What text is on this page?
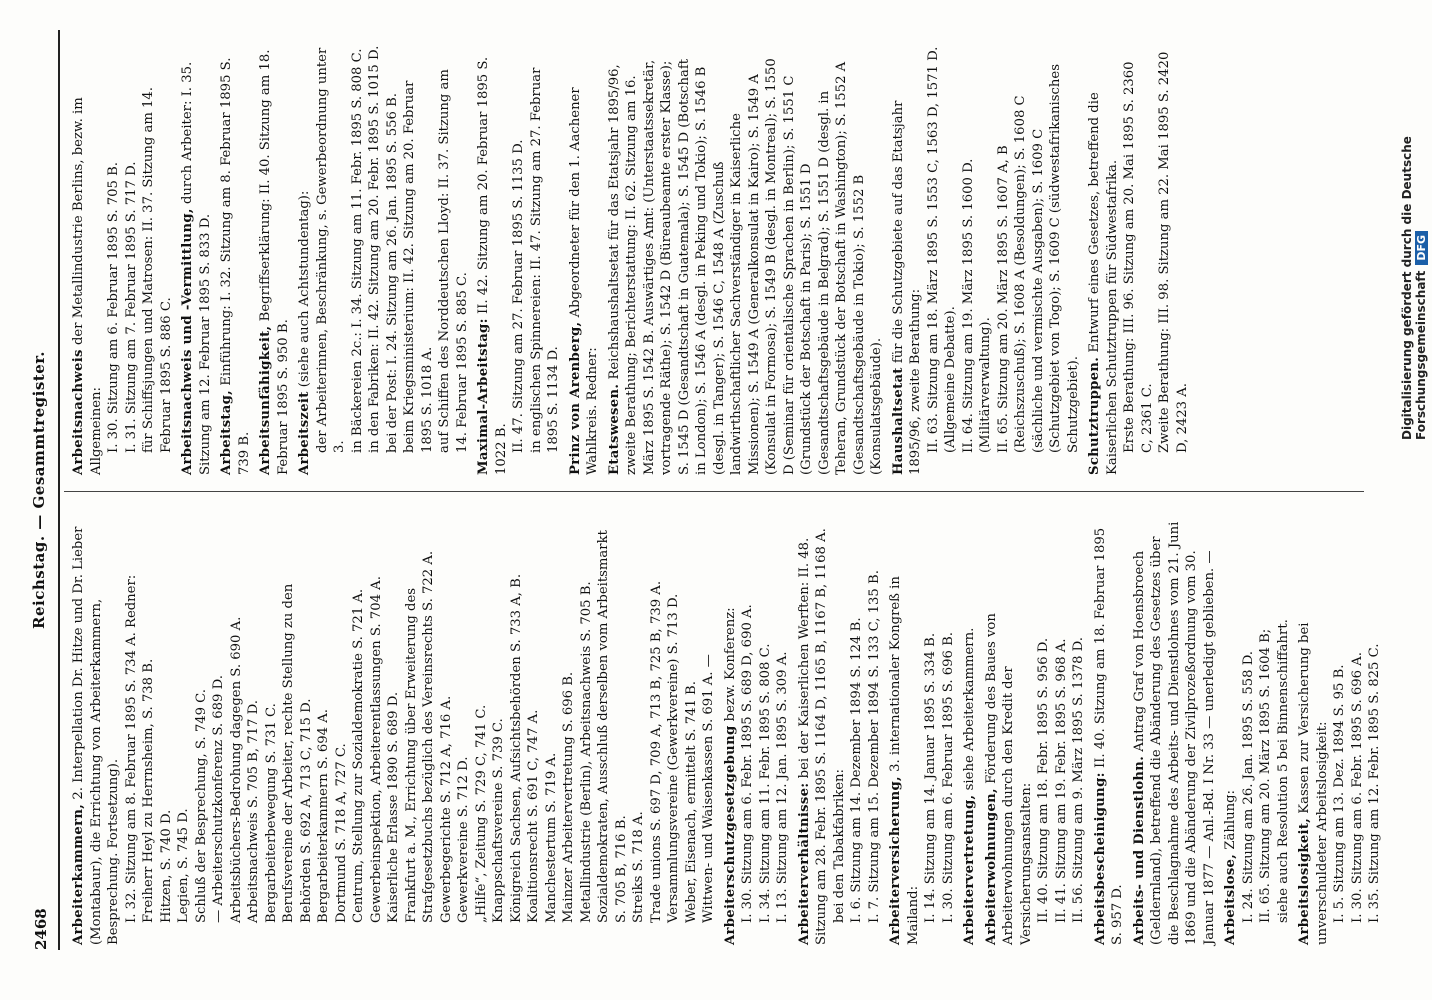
2468
Reichstag. — Gesammtregister.
Arbeiterkammern, 2. Interpellation Dr. Hitze und Dr. Lieber (Montabaur), die Errichtung von Arbeiterkammern, Besprechung. Fortsetzung). I. 32. Sitzung am 8. Februar 1895 S. 734 A. Redner: Freiherr Heyl zu Herrnsheim, S. 738 B. Hitzen, S. 740 D. Legien, S. 745 D. Schluß der Besprechung, S. 749 C. — Arbeiterschutzkonferenz S. 689 D. Arbeitsbüchers-Bedrohung dagegen S. 690 A. Arbeitsnachweis S. 705 B, 717 D. Bergarbeiterbewegung S. 731 C. Berufsvereine der Arbeiter, rechte Stellung zu den Behörden S. 692 A, 713 C, 715 D. Bergarbeiterkammern S. 694 A. Dortmund S. 718 A, 727 C. Centrum, Stellung zur Sozialdemokratie S. 721 A. Gewerbeinspektion, Arbeiterentlassungen S. 704 A. Kaiserliche Erlasse 1890 S. 689 D. Frankfurt a. M., Errichtung über Erweiterung des Strafgesetzbuchs bezüglich des Vereinsrechts S. 722 A. Gewerbegerichte S. 712 A, 716 A. Gewerkvereine S. 712 D. „Hilfe“, Zeitung S. 729 C, 741 C. Knappschaftsvereine S. 739 C. Königreich Sachsen, Aufsichtsbehörden S. 733 A, B. Koalitionsrecht S. 691 C, 747 A. Manchestertum S. 719 A. Mainzer Arbeitervertretung S. 696 B. Metallindustrie (Berlin), Arbeitsnachweis S. 705 B. Sozialdemokraten, Ausschluß derselben vom Arbeitsmarkt S. 705 B, 716 B. Streiks S. 718 A. Trade unions S. 697 D, 709 A, 713 B, 725 B, 739 A. Versammlungsvereine (Gewerkvereine) S. 713 D. Weber, Eisenach, ermittelt S. 741 B. Wittwen- und Waisenkassen S. 691 A. — Arbeiterschutzgesetzgebung bezw. Konferenz: I. 30. Sitzung am 6. Febr. 1895 S. 689 D, 690 A. I. 34. Sitzung am 11. Febr. 1895 S. 808 C. I. 13. Sitzung am 12. Jan. 1895 S. 309 A. Arbeiterverhältnisse: bei der Kaiserlichen Werften: II. 48. Sitzung am 28. Febr. 1895 S. 1164 D, 1165 B, 1167 B, 1168 A. bei den Tabakfabriken: I. 6. Sitzung am 14. Dezember 1894 S. 124 B. I. 7. Sitzung am 15. Dezember 1894 S. 133 C, 135 B. Arbeiterversicherung, 3. internationaler Kongreß in Mailand: I. 14. Sitzung am 14. Januar 1895 S. 334 B. I. 30. Sitzung am 6. Februar 1895 S. 696 B. Arbeitervertretung, siehe Arbeiterkammern.
Arbeiterwohnungen, Förderung des Baues von Arbeiterwohnungen durch den Kredit der Versicherungsanstalten: II. 40. Sitzung am 18. Febr. 1895 S. 956 D. II. 41. Sitzung am 19. Febr. 1895 S. 968 A. II. 56. Sitzung am 9. März 1895 S. 1378 D. Arbeitsbescheinigung: II. 40. Sitzung am 18. Februar 1895 S. 957 D. Arbeits- und Dienstlohn. Antrag Graf von Hoensbroech (Geldernland), betreffend die Abänderung des Gesetzes über die Beschlagnahme des Arbeits- und Dienstlohnes vom 21. Juni 1869 und die Abänderung der Zivilprozeßordnung vom 30. Januar 1877 — Anl.-Bd. I Nr. 33 — unerledigt geblieben. — Arbeitslose, Zählung: I. 24. Sitzung am 26. Jan. 1895 S. 558 D. II. 65. Sitzung am 20. März 1895 S. 1604 B; siehe auch Resolution 5 bei Binnenschiffahrt. Arbeitslosigkeit, Kassen zur Versicherung bei unverschuldeter Arbeitslosigkeit: I. 5. Sitzung am 13. Dez. 1894 S. 95 B. I. 30. Sitzung am 6. Febr. 1895 S. 696 A. I. 35. Sitzung am 12. Febr. 1895 S. 825 C.
Arbeitsnachweis der Metallindustrie Berlins, bezw. im Allgemeinen: I. 30. Sitzung am 6. Februar 1895 S. 705 B. I. 31. Sitzung am 7. Februar 1895 S. 717 D. für Schiffsjungen und Matrosen: II. 37. Sitzung am 14. Februar 1895 S. 886 C. Arbeitsnachweis und -Vermittlung, durch Arbeiter: I. 35. Sitzung am 12. Februar 1895 S. 833 D. Arbeitstag, Einführung: I. 32. Sitzung am 8. Februar 1895 S. 739 B. Arbeitsunfähigkeit, Begriffserklärung: II. 40. Sitzung am 18. Februar 1895 S. 950 B. Arbeitszeit (siehe auch Achtstundentag): der Arbeiterinnen, Beschränkung, s. Gewerbeordnung unter 3. in Bäckereien 2c.: I. 34. Sitzung am 11. Febr. 1895 S. 808 C. in den Fabriken: II. 42. Sitzung am 20. Febr. 1895 S. 1015 D. bei der Post: I. 24. Sitzung am 26. Jan. 1895 S. 556 B. beim Kriegsministerium: II. 42. Sitzung am 20. Februar 1895 S. 1018 A. auf Schiffen des Norddeutschen Lloyd: II. 37. Sitzung am 14. Februar 1895 S. 885 C. Maximal-Arbeitstag: II. 42. Sitzung am 20. Februar 1895 S. 1022 B. II. 47. Sitzung am 27. Februar 1895 S. 1135 D. in englischen Spinnereien: II. 47. Sitzung am 27. Februar 1895 S. 1134 D. Prinz von Arenberg, Abgeordneter für den 1. Aachener Wahlkreis. Redner: Etatswesen. Reichshaushaltsetat für das Etatsjahr 1895/96, zweite Berathung; Berichterstattung: II. 62. Sitzung am 16. März 1895 S. 1542 B. Auswärtiges Amt: (Unterstaatssekretär, vortragende Räthe); S. 1542 D (Büreaubeamte erster Klasse); S. 1545 D (Gesandtschaft in Guatemala); S. 1545 D (Botschaft in London); S. 1546 A (desgl. in Peking und Tokio); S. 1546 B (desgl. in Tanger); S. 1546 C, 1548 A (Zuschuß landwirthschaftlicher Sachverständiger in Kaiserliche Missionen); S. 1549 A (Generalkonsulat in Kairo); S. 1549 A (Konsulat in Formosa); S. 1549 B (desgl. in Montreal); S. 1550 D (Seminar für orientalische Sprachen in Berlin); S. 1551 C (Grundstück der Botschaft in Paris); S. 1551 D (Gesandtschaftsgebäude in Belgrad); S. 1551 D (desgl. in Teheran, Grundstück der Botschaft in Washington); S. 1552 A (Gesandtschaftsgebäude in Tokio); S. 1552 B (Konsulatsgebäude). Haushaltsetat für die Schutzgebiete auf das Etatsjahr 1895/96, zweite Berathung: II. 63. Sitzung am 18. März 1895 S. 1553 C, 1563 D, 1571 D. (Allgemeine Debatte). II. 64. Sitzung am 19. März 1895 S. 1600 D. (Militärverwaltung). II. 65. Sitzung am 20. März 1895 S. 1607 A, B (Reichszuschuß); S. 1608 A (Besoldungen); S. 1608 C (sächliche und vermischte Ausgaben); S. 1609 C (Schutzgebiet von Togo); S. 1609 C (südwestafrikanisches Schutzgebiet). Schutztruppen. Entwurf eines Gesetzes, betreffend die Kaiserlichen Schutztruppen für Südwestafrika. Erste Berathung: III. 96. Sitzung am 20. Mai 1895 S. 2360 C, 2361 C. Zweite Berathung: III. 98. Sitzung am 22. Mai 1895 S. 2420 D, 2423 A.	Digitalisierung gefördert durch die Deutsche ForschungsgemeinschaftDFG
